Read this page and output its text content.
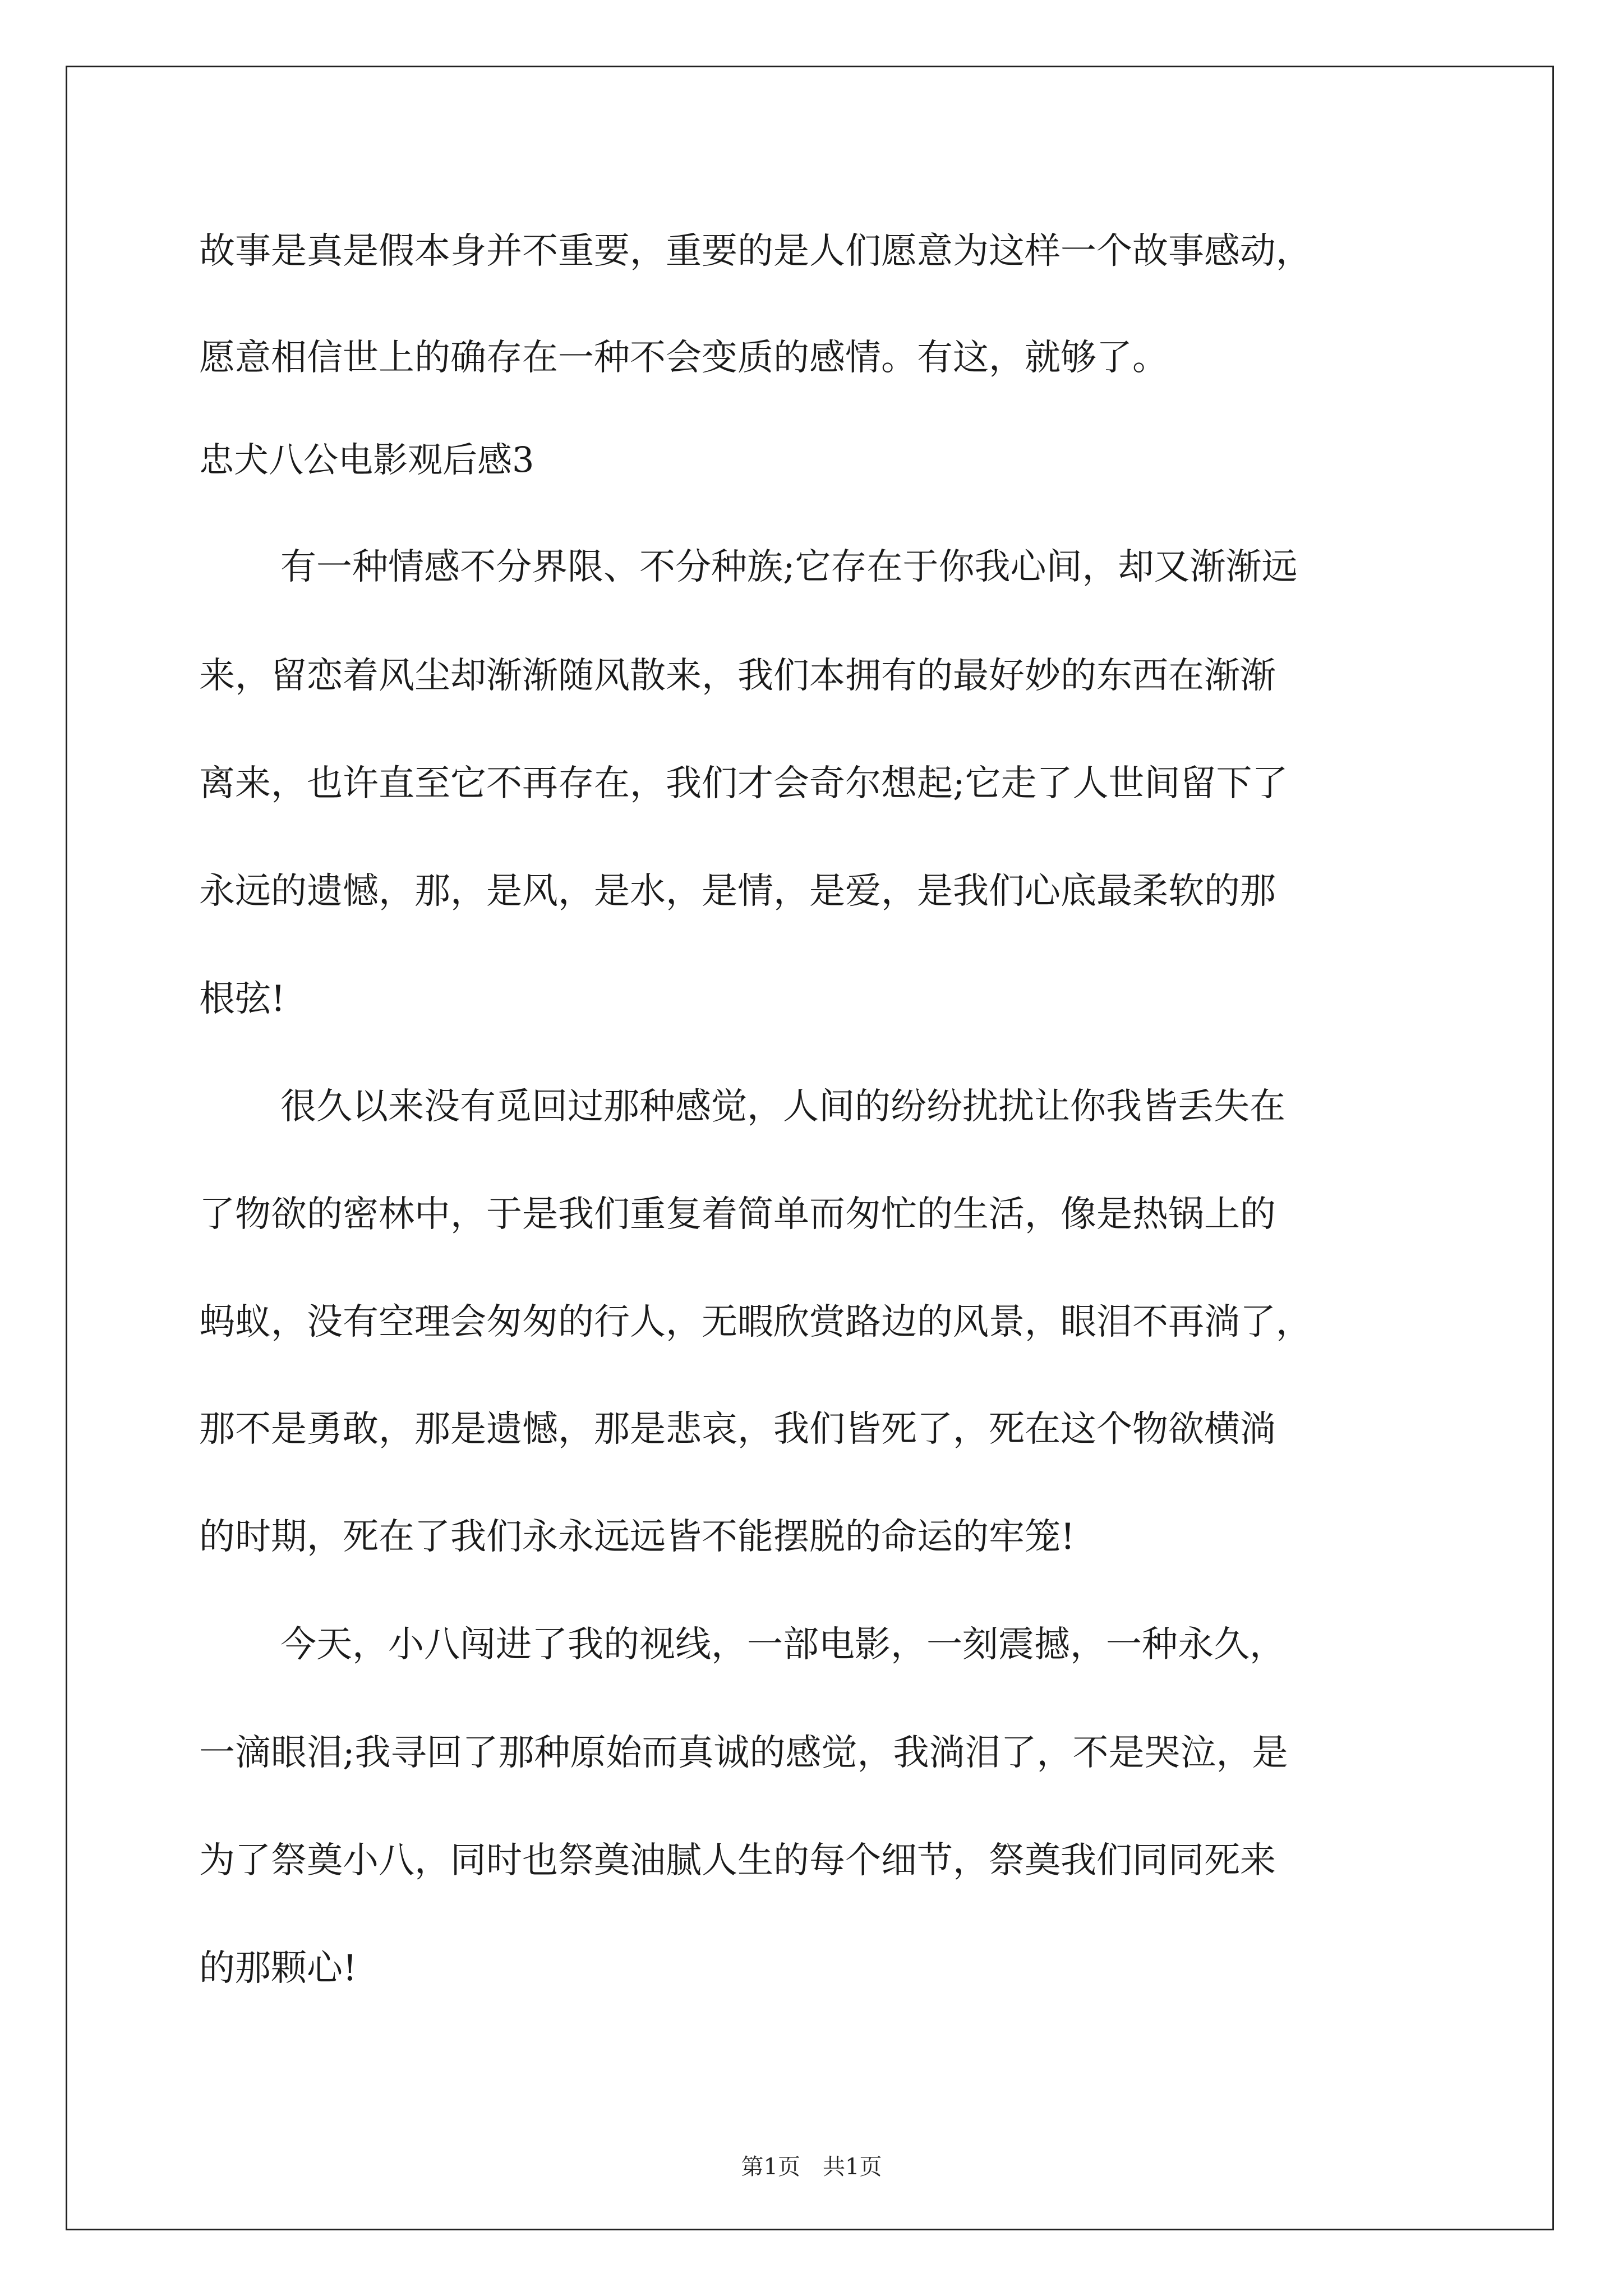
故事是真是假本身并不重要，重要的是人们愿意为这样一个故事感动，
愿意相信世上的确存在一种不会变质的感情。有这，就够了。
忠犬八公电影观后感3
有一种情感不分界限、不分种族;它存在于你我心间，却又渐渐远
来，留恋着风尘却渐渐随风散来，我们本拥有的最好妙的东西在渐渐
离来，也许直至它不再存在，我们才会奇尔想起;它走了人世间留下了
永远的遗憾，那，是风，是水，是情，是爱，是我们心底最柔软的那
根弦!
很久以来没有觅回过那种感觉，人间的纷纷扰扰让你我皆丢失在
了物欲的密林中，于是我们重复着简单而匆忙的生活，像是热锅上的
蚂蚁，没有空理会匆匆的行人，无暇欣赏路边的风景，眼泪不再淌了，
那不是勇敢，那是遗憾，那是悲哀，我们皆死了，死在这个物欲横淌
的时期，死在了我们永永远远皆不能摆脱的命运的牢笼!
今天，小八闯进了我的视线，一部电影，一刻震撼，一种永久，
一滴眼泪;我寻回了那种原始而真诚的感觉，我淌泪了，不是哭泣，是
为了祭奠小八，同时也祭奠油腻人生的每个细节，祭奠我们同同死来
的那颗心!
第1页　共1页
